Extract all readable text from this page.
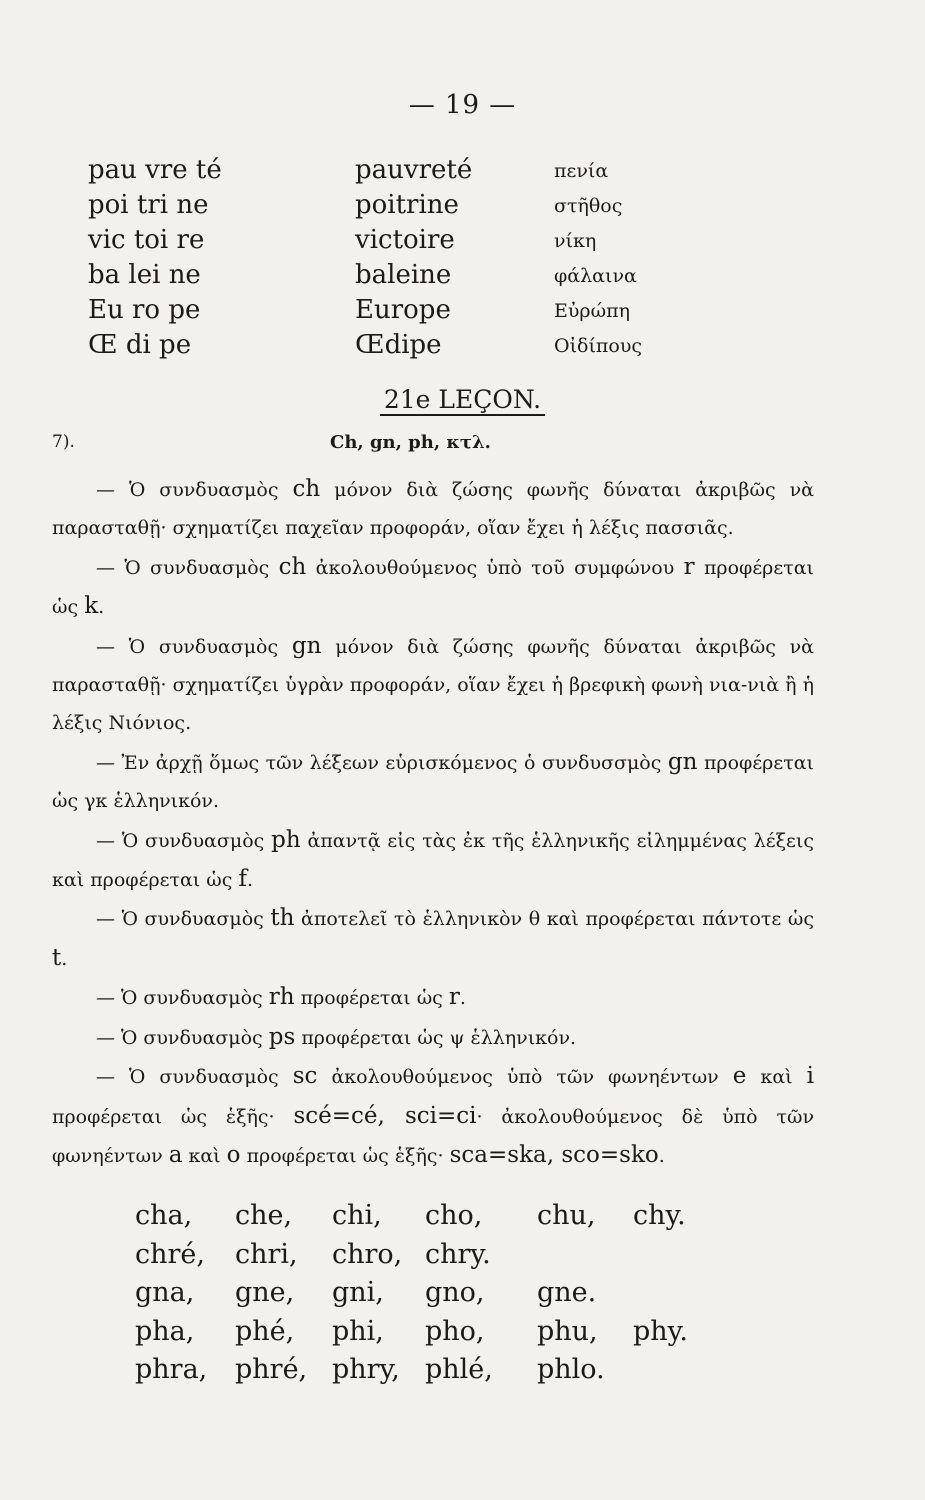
— 19 —
pau vre té	pauvreté	πενία
poi tri ne	poitrine	στῆθος
vic toi re	victoire	νίκη
ba lei ne	baleine	φάλαινα
Eu ro pe	Europe	Εὐρώπη
Œ di pe	Œdipe	Οἰδίπους
21e LEÇON.
7).	Ch, gn, ph, κτλ.

— Ὁ συνδυασμὸς ch μόνον διὰ ζώσης φωνῆς δύναται ἀκριβῶς νὰ παρασταθῇ· σχηματίζει παχεῖαν προφοράν, οἵαν ἔχει ἡ λέξις πασσιᾶς.

— Ὁ συνδυασμὸς ch ἀκολουθούμενος ὑπὸ τοῦ συμφώνου r προφέρεται ὡς k.

— Ὁ συνδυασμὸς gn μόνον διὰ ζώσης φωνῆς δύναται ἀκριβῶς νὰ παρασταθῇ· σχηματίζει ὑγρὰν προφοράν, οἵαν ἔχει ἡ βρεφικὴ φωνὴ νια-νιὰ ἢ ἡ λέξις Νιόνιος.

— Ἐν ἀρχῇ ὅμως τῶν λέξεων εὑρισκόμενος ὁ συνδυσσμὸς gn προφέρεται ὡς γκ ἑλληνικόν.

— Ὁ συνδυασμὸς ph ἀπαντᾷ εἰς τὰς ἐκ τῆς ἑλληνικῆς εἰλημμένας λέξεις καὶ προφέρεται ὡς f.

— Ὁ συνδυασμὸς th ἀποτελεῖ τὸ ἑλληνικὸν θ καὶ προφέρεται πάντοτε ὡς t.

— Ὁ συνδυασμὸς rh προφέρεται ὡς r.

— Ὁ συνδυασμὸς ps προφέρεται ὡς ψ ἑλληνικόν.

— Ὁ συνδυασμὸς sc ἀκολουθούμενος ὑπὸ τῶν φωνηέντων e καὶ i προφέρεται ὡς ἑξῆς· scé=cé, sci=ci· ἀκολουθούμενος δὲ ὑπὸ τῶν φωνηέντων a καὶ o προφέρεται ὡς ἑξῆς· sca=ska, sco=sko.

cha, che, chi, cho, chu, chy.
chré, chri, chro, chry.
gna, gne, gni, gno, gne.
pha, phé, phi, pho, phu, phy.
phra, phré, phry, phlé, phlo.
